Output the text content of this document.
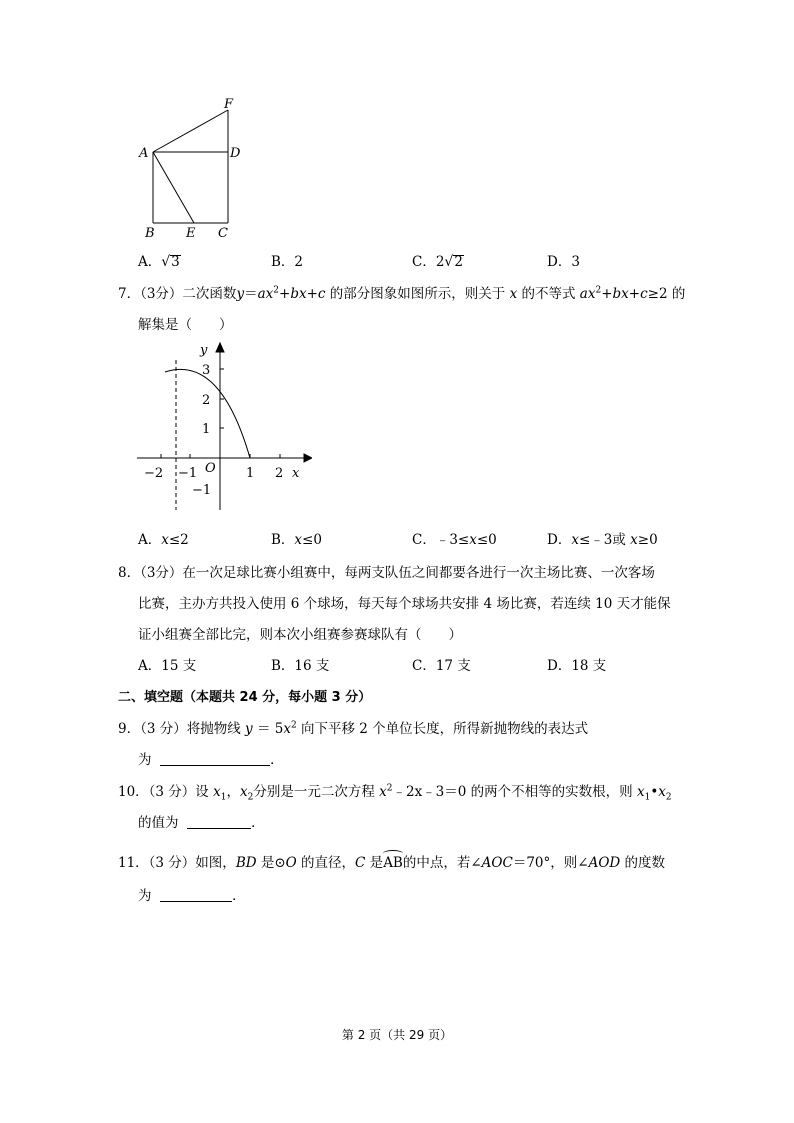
F
A	D
B E C
A．√3	B．2	C．2√2	D．3
7．（3分）二次函数$y=ax^2+bx+c$ 的部分图象如图所示，则关于 x 的不等式 $ax^2+bx+c\ge 2$ 的
解集是（　　）
y
x
O
3
2
1
−1
−2 −1	1 2
A．x≤2	B．x≤0	C．﹣3≤x≤0	D．x≤﹣3或 x≥0
8．（3分）在一次足球比赛小组赛中，每两支队伍之间都要各进行一次主场比赛、一次客场
比赛，主办方共投入使用 6 个球场，每天每个球场共安排 4 场比赛，若连续 10 天才能保
证小组赛全部比完，则本次小组赛参赛球队有（　　）
A．15 支	B．16 支	C．17 支	D．18 支
二、填空题（本题共 24 分，每小题 3 分）
9．（3 分）将抛物线 $y = 5x^2$ 向下平移 2 个单位长度，所得新抛物线的表达式
为	．
10．（3 分）设 $x_1$，$x_2$分别是一元二次方程 $x^2﹣2x﹣3=0$ 的两个不相等的实数根，则 $x_1•x_2$
的值为	．
11．（3 分）如图，BD 是⊙O 的直径，C 是AB的中点，若∠AOC＝70°，则∠AOD 的度数
为	．
第 2 页（共 29 页）
